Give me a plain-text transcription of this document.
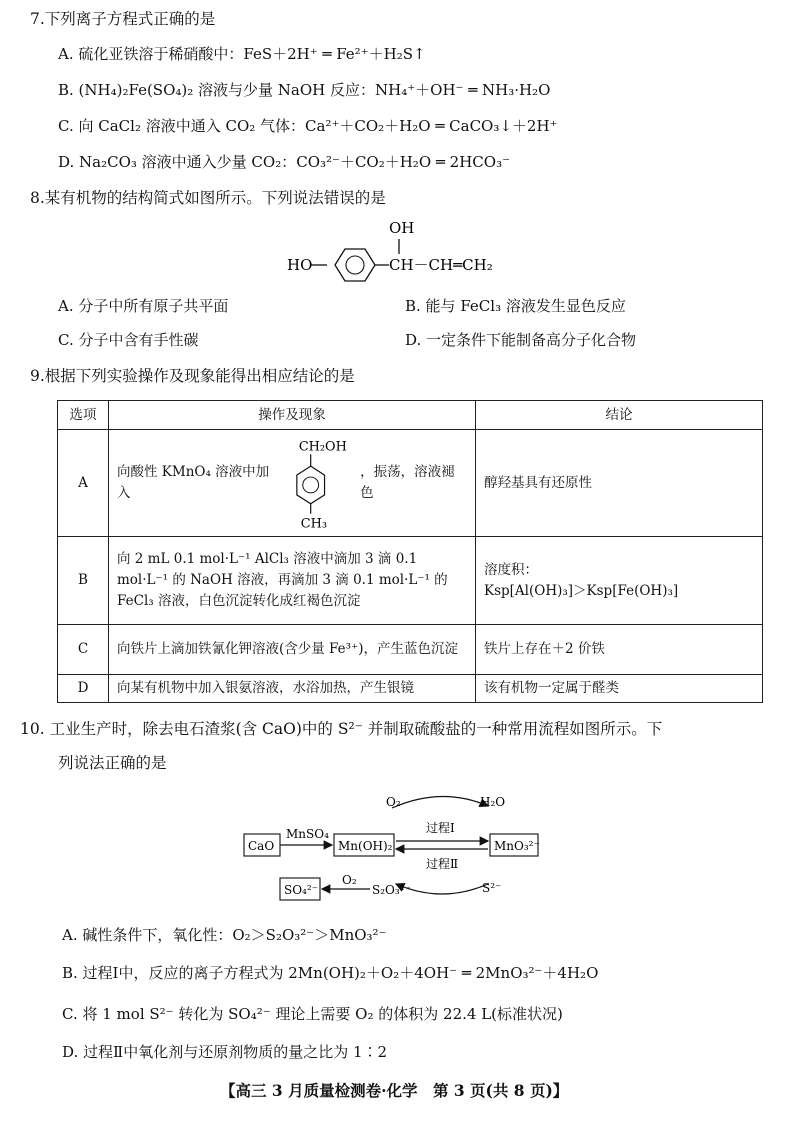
7.下列离子方程式正确的是
A. 硫化亚铁溶于稀硝酸中：FeS＋2H⁺ ═ Fe²⁺＋H₂S↑
B. (NH₄)₂Fe(SO₄)₂ 溶液与少量 NaOH 反应：NH₄⁺＋OH⁻ ═ NH₃·H₂O
C. 向 CaCl₂ 溶液中通入 CO₂ 气体：Ca²⁺＋CO₂＋H₂O ═ CaCO₃↓＋2H⁺
D. Na₂CO₃ 溶液中通入少量 CO₂：CO₃²⁻＋CO₂＋H₂O ═ 2HCO₃⁻
8.某有机物的结构简式如图所示。下列说法错误的是
OH
HO	CH－CH═CH₂
A. 分子中所有原子共平面	B. 能与 FeCl₃ 溶液发生显色反应
C. 分子中含有手性碳	D. 一定条件下能制备高分子化合物
9.根据下列实验操作及现象能得出相应结论的是
选项	操作及现象	结论
A	向酸性 KMnO₄ 溶液中加入
CH₂OH
CH₃
，振荡，溶液褪色	醇羟基具有还原性
B	向 2 mL 0.1 mol·L⁻¹ AlCl₃ 溶液中滴加 3 滴 0.1 mol·L⁻¹ 的 NaOH 溶液，再滴加 3 滴 0.1 mol·L⁻¹ 的 FeCl₃ 溶液，白色沉淀转化成红褐色沉淀	溶度积：
Ksp[Al(OH)₃]＞Ksp[Fe(OH)₃]

C	向铁片上滴加铁氰化钾溶液(含少量 Fe³⁺)，产生蓝色沉淀	铁片上存在＋2 价铁
D	向某有机物中加入银氨溶液，水浴加热，产生银镜	该有机物一定属于醛类
10. 工业生产时，除去电石渣浆(含 CaO)中的 S²⁻ 并制取硫酸盐的一种常用流程如图所示。下
列说法正确的是
CaO
MnSO₄
Mn(OH)₂	MnO₃²⁻
O₂	H₂O
过程Ⅰ
过程Ⅱ
S²⁻
SO₄²⁻
O₂
S₂O₃²⁻
A. 碱性条件下，氧化性：O₂＞S₂O₃²⁻＞MnO₃²⁻
B. 过程Ⅰ中，反应的离子方程式为 2Mn(OH)₂＋O₂＋4OH⁻ ═ 2MnO₃²⁻＋4H₂O
C. 将 1 mol S²⁻ 转化为 SO₄²⁻ 理论上需要 O₂ 的体积为 22.4 L(标准状况)
D. 过程Ⅱ中氧化剂与还原剂物质的量之比为 1∶2
【高三 3 月质量检测卷·化学　第 3 页(共 8 页)】
